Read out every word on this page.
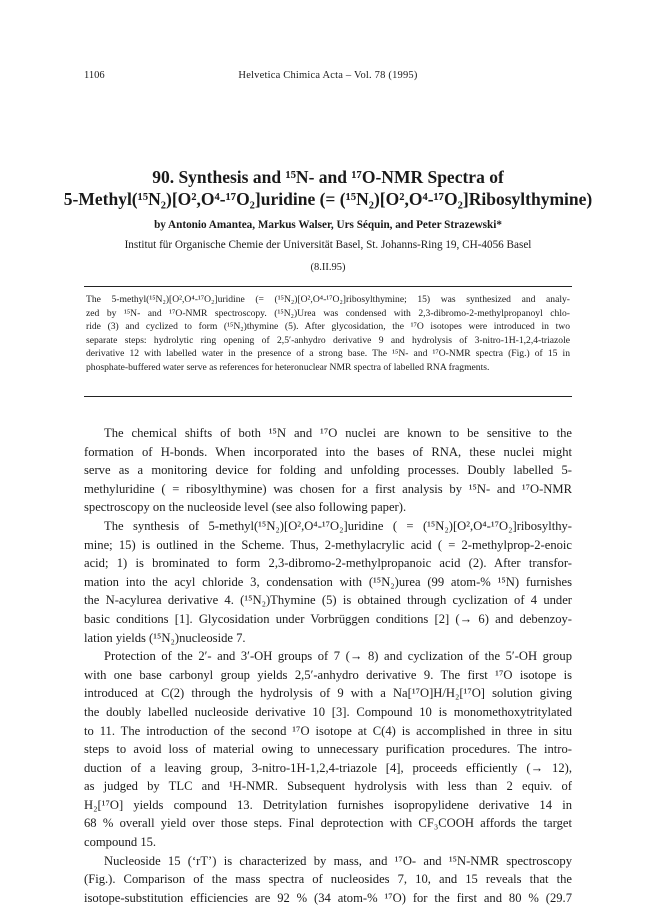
1106	Helvetica Chimica Acta – Vol. 78 (1995)
90. Synthesis and ¹⁵N- and ¹⁷O-NMR Spectra of
5-Methyl(¹⁵N₂)[O²,O⁴-¹⁷O₂]uridine (= (¹⁵N₂)[O²,O⁴-¹⁷O₂]Ribosylthymine)
by Antonio Amantea, Markus Walser, Urs Séquin, and Peter Strazewski*
Institut für Organische Chemie der Universität Basel, St. Johanns-Ring 19, CH-4056 Basel
(8.II.95)
The 5-methyl(¹⁵N₂)[O²,O⁴-¹⁷O₂]uridine (= (¹⁵N₂)[O²,O⁴-¹⁷O₂]ribosylthymine; 15) was synthesized and analy-
zed by ¹⁵N- and ¹⁷O-NMR spectroscopy. (¹⁵N₂)Urea was condensed with 2,3-dibromo-2-methylpropanoyl chlo-
ride (3) and cyclized to form (¹⁵N₂)thymine (5). After glycosidation, the ¹⁷O isotopes were introduced in two
separate steps: hydrolytic ring opening of 2,5′-anhydro derivative 9 and hydrolysis of 3-nitro-1H-1,2,4-triazole
derivative 12 with labelled water in the presence of a strong base. The ¹⁵N- and ¹⁷O-NMR spectra (Fig.) of 15 in
phosphate-buffered water serve as references for heteronuclear NMR spectra of labelled RNA fragments.
The chemical shifts of both ¹⁵N and ¹⁷O nuclei are known to be sensitive to the
formation of H-bonds. When incorporated into the bases of RNA, these nuclei might
serve as a monitoring device for folding and unfolding processes. Doubly labelled 5-
methyluridine ( = ribosylthymine) was chosen for a first analysis by ¹⁵N- and ¹⁷O-NMR
spectroscopy on the nucleoside level (see also following paper).
The synthesis of 5-methyl(¹⁵N₂)[O²,O⁴-¹⁷O₂]uridine ( = (¹⁵N₂)[O²,O⁴-¹⁷O₂]ribosylthy-
mine; 15) is outlined in the Scheme. Thus, 2-methylacrylic acid ( = 2-methylprop-2-enoic
acid; 1) is brominated to form 2,3-dibromo-2-methylpropanoic acid (2). After transfor-
mation into the acyl chloride 3, condensation with (¹⁵N₂)urea (99 atom-% ¹⁵N) furnishes
the N-acylurea derivative 4. (¹⁵N₂)Thymine (5) is obtained through cyclization of 4 under
basic conditions [1]. Glycosidation under Vorbrüggen conditions [2] (→ 6) and debenzoy-
lation yields (¹⁵N₂)nucleoside 7.
Protection of the 2′- and 3′-OH groups of 7 (→ 8) and cyclization of the 5′-OH group
with one base carbonyl group yields 2,5′-anhydro derivative 9. The first ¹⁷O isotope is
introduced at C(2) through the hydrolysis of 9 with a Na[¹⁷O]H/H₂[¹⁷O] solution giving
the doubly labelled nucleoside derivative 10 [3]. Compound 10 is monomethoxytritylated
to 11. The introduction of the second ¹⁷O isotope at C(4) is accomplished in three in situ
steps to avoid loss of material owing to unnecessary purification procedures. The intro-
duction of a leaving group, 3-nitro-1H-1,2,4-triazole [4], proceeds efficiently (→ 12),
as judged by TLC and ¹H-NMR. Subsequent hydrolysis with less than 2 equiv. of
H₂[¹⁷O] yields compound 13. Detritylation furnishes isopropylidene derivative 14 in
68 % overall yield over those steps. Final deprotection with CF₃COOH affords the target
compound 15.
Nucleoside 15 (‘rT’) is characterized by mass, and ¹⁷O- and ¹⁵N-NMR spectroscopy
(Fig.). Comparison of the mass spectra of nucleosides 7, 10, and 15 reveals that the
isotope-substitution efficiencies are 92 % (34 atom-% ¹⁷O) for the first and 80 % (29.7
